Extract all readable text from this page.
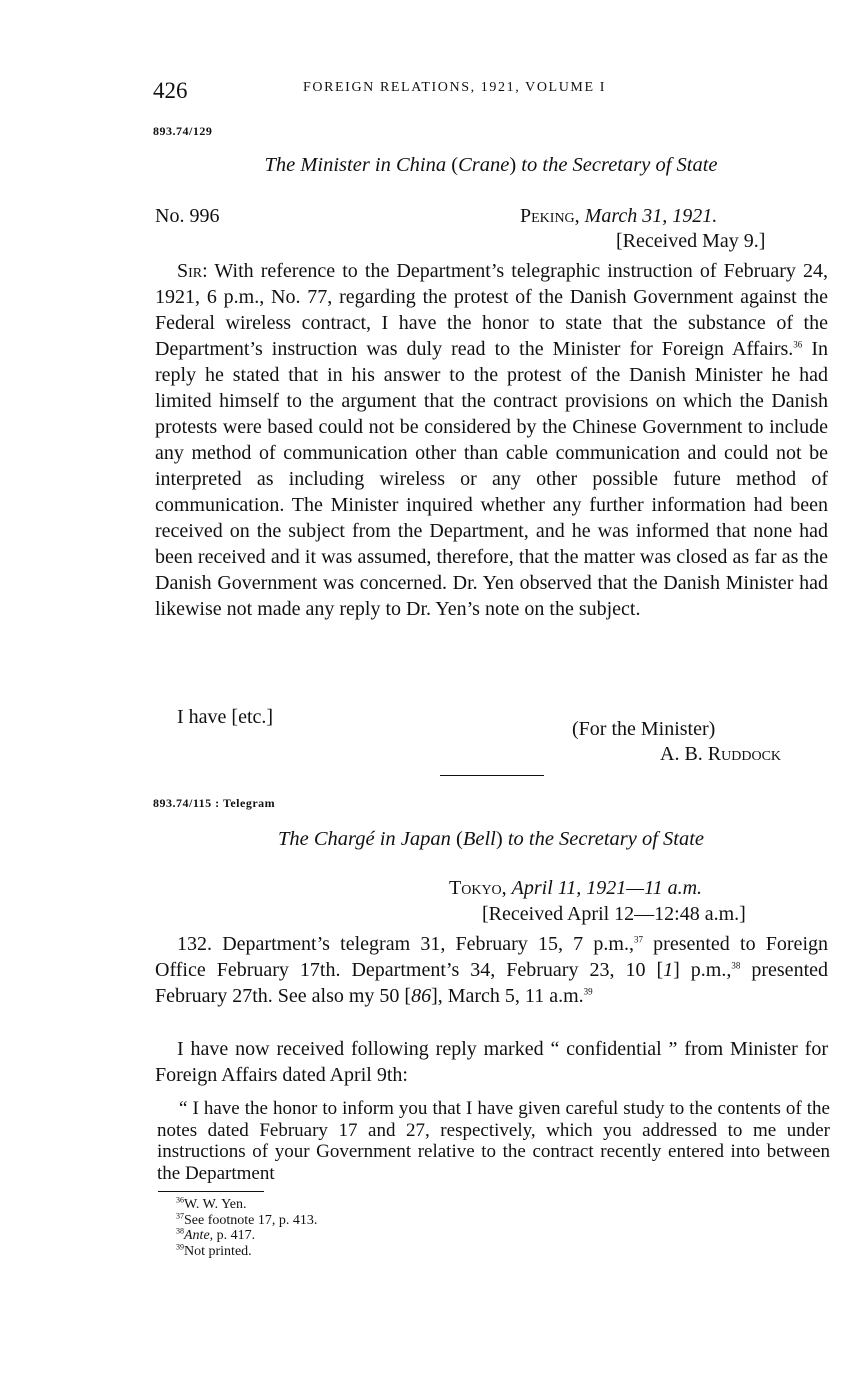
426	FOREIGN RELATIONS, 1921, VOLUME I
893.74/129
The Minister in China (Crane) to the Secretary of State
No. 996	Peking, March 31, 1921.
[Received May 9.]
Sir: With reference to the Department’s telegraphic instruction of February 24, 1921, 6 p.m., No. 77, regarding the protest of the Danish Government against the Federal wireless contract, I have the honor to state that the substance of the Department’s instruction was duly read to the Minister for Foreign Affairs.$^{36}$ In reply he stated that in his answer to the protest of the Danish Minister he had limited himself to the argument that the contract provisions on which the Danish protests were based could not be considered by the Chinese Government to include any method of communication other than cable communication and could not be interpreted as including wireless or any other possible future method of communication. The Minister inquired whether any further information had been received on the subject from the Department, and he was informed that none had been received and it was assumed, therefore, that the matter was closed as far as the Danish Government was concerned. Dr. Yen observed that the Danish Minister had likewise not made any reply to Dr. Yen’s note on the subject.
I have [etc.]
(For the Minister)
A. B. Ruddock
893.74/115 : Telegram
The Chargé in Japan (Bell) to the Secretary of State
Tokyo, April 11, 1921—11 a.m.
[Received April 12—12:48 a.m.]
132. Department’s telegram 31, February 15, 7 p.m.,$^{37}$ presented to Foreign Office February 17th. Department’s 34, February 23, 10 [1] p.m.,$^{38}$ presented February 27th. See also my 50 [86], March 5, 11 a.m.$^{39}$
I have now received following reply marked “ confidential ” from Minister for Foreign Affairs dated April 9th:
“ I have the honor to inform you that I have given careful study to the contents of the notes dated February 17 and 27, respectively, which you addressed to me under instructions of your Government relative to the contract recently entered into between the Department
$^{36}$W. W. Yen.
$^{37}$See footnote 17, p. 413.
$^{38}$Ante, p. 417.
$^{39}$Not printed.
